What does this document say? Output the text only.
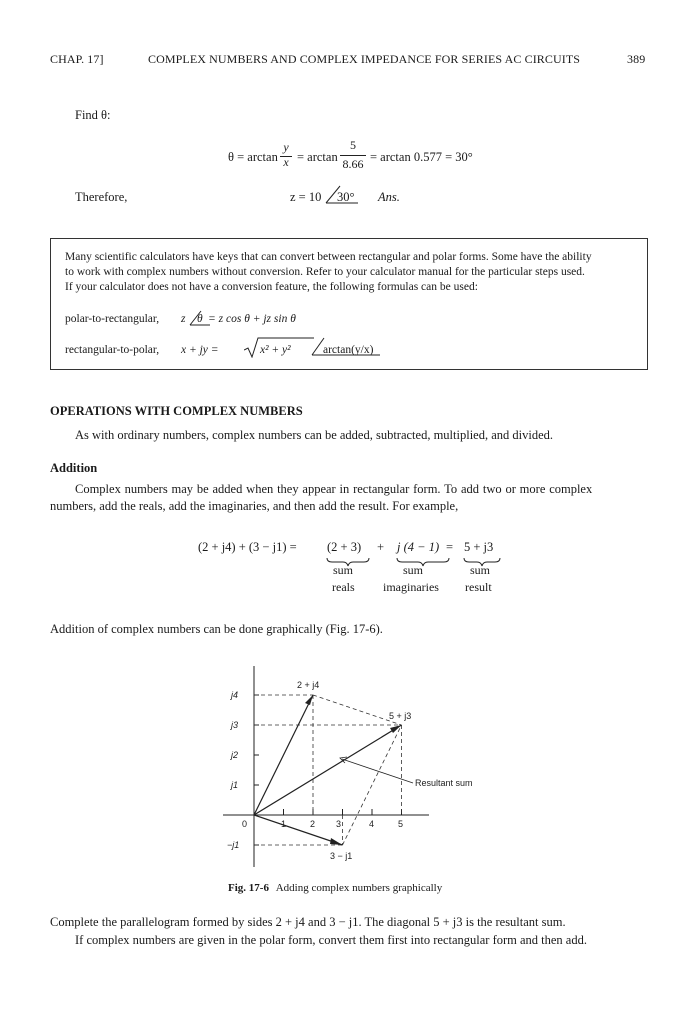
CHAP. 17]	COMPLEX NUMBERS AND COMPLEX IMPEDANCE FOR SERIES AC CIRCUITS	389
Find θ:
θ = arctan
y
x = arctan
5
8.66 = arctan 0.577 = 30°
Therefore,	z = 10 30° Ans.
Many scientific calculators have keys that can convert between rectangular and polar forms. Some have the ability
to work with complex numbers without conversion. Refer to your calculator manual for the particular steps used.
If your calculator does not have a conversion feature, the following formulas can be used:
polar-to-rectangular, z θ = z cos θ + jz sin θ
rectangular-to-polar, x + jy =	x² + y²	arctan(y/x)
OPERATIONS WITH COMPLEX NUMBERS
As with ordinary numbers, complex numbers can be added, subtracted, multiplied, and divided.
Addition
Complex numbers may be added when they appear in rectangular form. To add two or more complex
numbers, add the reals, add the imaginaries, and then add the result. For example,
(2 + j4) + (3 − j1) = (2 + 3) + j (4 − 1) = 5 + j3
sum
reals
sum
imaginaries
sum
result
Addition of complex numbers can be done graphically (Fig. 17-6).
j4
j3
j2
j1
0
−j1
1	2 3	4	5
2 + j4
5 + j3
3 − j1
Resultant sum
Fig. 17-6 Adding complex numbers graphically
Complete the parallelogram formed by sides 2 + j4 and 3 − j1. The diagonal 5 + j3 is the resultant sum.
If complex numbers are given in the polar form, convert them first into rectangular form and then add.
